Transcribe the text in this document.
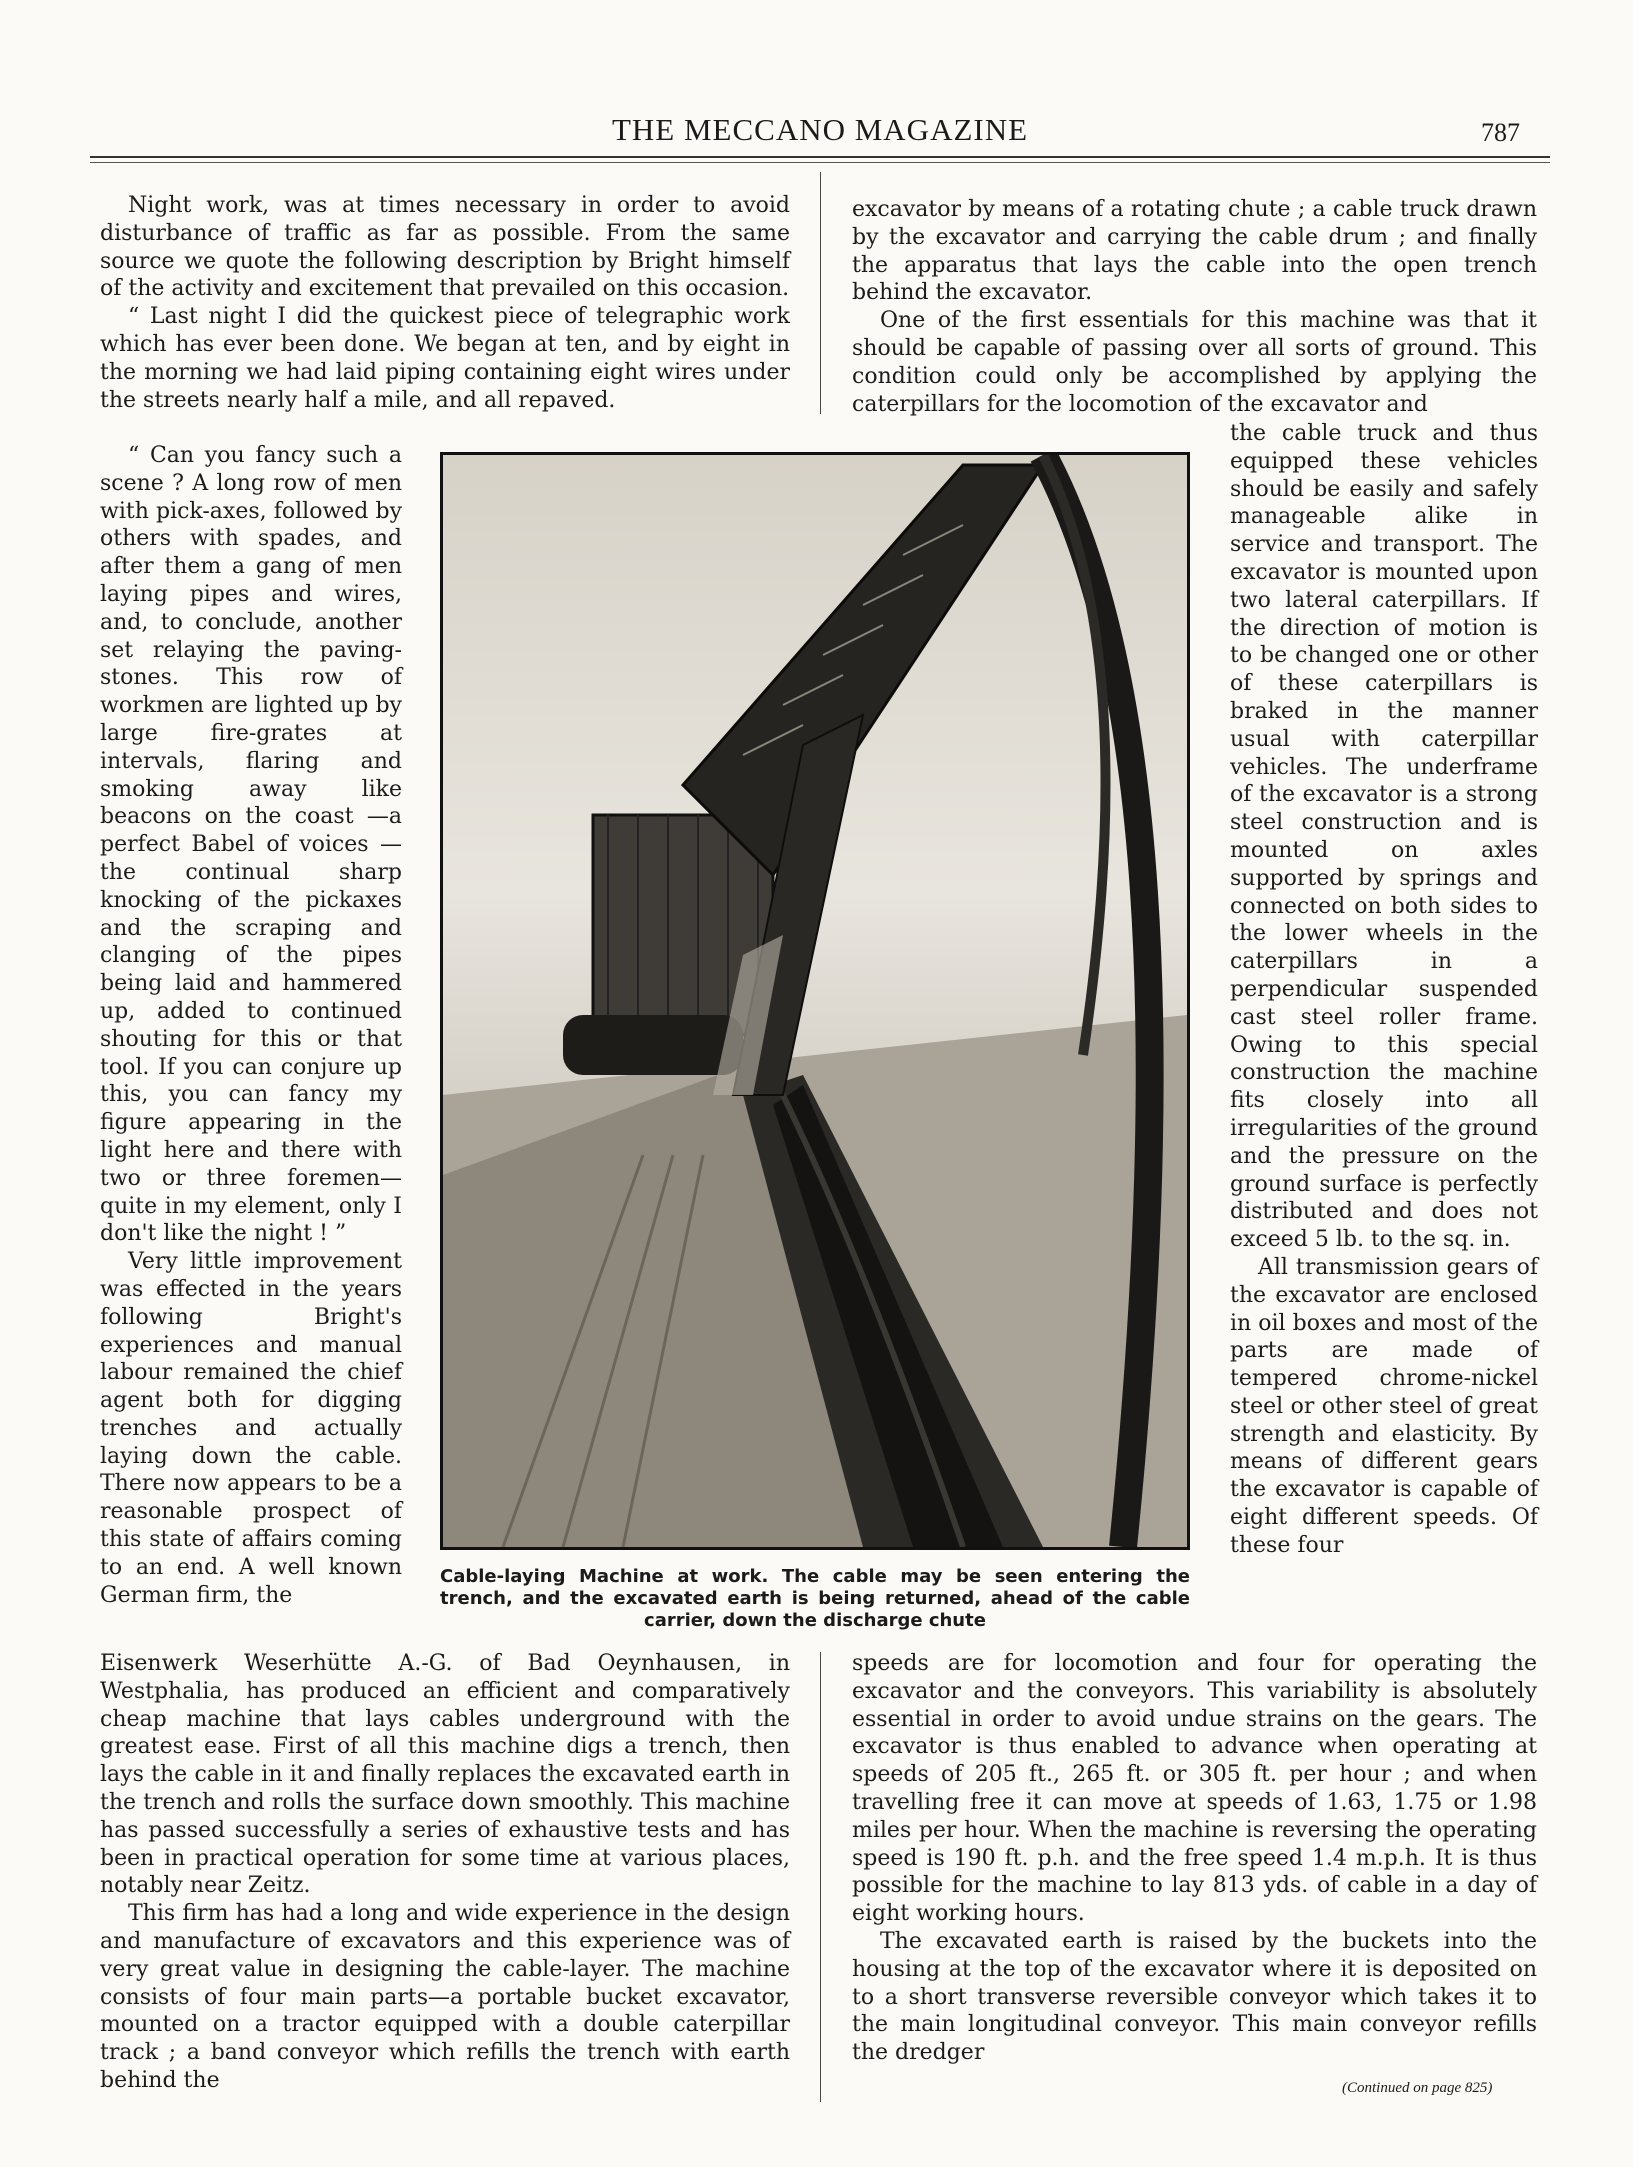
THE MECCANO MAGAZINE	787

Night work, was at times necessary in order to avoid disturbance of traffic as far as possible. From the same source we quote the following description by Bright himself of the activity and excitement that prevailed on this occasion.

“ Last night I did the quickest piece of telegraphic work which has ever been done. We began at ten, and by eight in the morning we had laid piping containing eight wires under the streets nearly half a mile, and all repaved.

excavator by means of a rotating chute ; a cable truck drawn by the excavator and carrying the cable drum ; and finally the apparatus that lays the cable into the open trench behind the excavator.

One of the first essentials for this machine was that it should be capable of passing over all sorts of ground. This condition could only be accomplished by applying the caterpillars for the locomotion of the excavator and

“ Can you fancy such a scene ? A long row of men with pick-axes, followed by others with spades, and after them a gang of men laying pipes and wires, and, to conclude, another set relaying the paving-stones. This row of workmen are lighted up by large fire-grates at intervals, flaring and smoking away like beacons on the coast —a perfect Babel of voices — the continual sharp knocking of the pickaxes and the scraping and clanging of the pipes being laid and hammered up, added to continued shouting for this or that tool. If you can conjure up this, you can fancy my figure appearing in the light here and there with two or three foremen—quite in my element, only I don't like the night ! ”

Very little improvement was effected in the years following Bright's experiences and manual labour remained the chief agent both for digging trenches and actually laying down the cable. There now appears to be a reasonable prospect of this state of affairs coming to an end. A well known German firm, the

the cable truck and thus equipped these vehicles should be easily and safely manageable alike in service and transport. The excavator is mounted upon two lateral caterpillars. If the direction of motion is to be changed one or other of these caterpillars is braked in the manner usual with caterpillar vehicles. The underframe of the excavator is a strong steel construction and is mounted on axles supported by springs and connected on both sides to the lower wheels in the caterpillars in a perpendicular suspended cast steel roller frame. Owing to this special construction the machine fits closely into all irregularities of the ground and the pressure on the ground surface is perfectly distributed and does not exceed 5 lb. to the sq. in.

All transmission gears of the excavator are enclosed in oil boxes and most of the parts are made of tempered chrome-nickel steel or other steel of great strength and elasticity. By means of different gears the excavator is capable of eight different speeds. Of these four

Cable-laying Machine at work. The cable may be seen entering the trench, and the excavated earth is being returned, ahead of the cable carrier, down the discharge chute

Eisenwerk Weserhütte A.-G. of Bad Oeynhausen, in Westphalia, has produced an efficient and comparatively cheap machine that lays cables underground with the greatest ease. First of all this machine digs a trench, then lays the cable in it and finally replaces the excavated earth in the trench and rolls the surface down smoothly. This machine has passed successfully a series of exhaustive tests and has been in practical operation for some time at various places, notably near Zeitz.

This firm has had a long and wide experience in the design and manufacture of excavators and this experience was of very great value in designing the cable-layer. The machine consists of four main parts—a portable bucket excavator, mounted on a tractor equipped with a double caterpillar track ; a band conveyor which refills the trench with earth behind the

speeds are for locomotion and four for operating the excavator and the conveyors. This variability is absolutely essential in order to avoid undue strains on the gears. The excavator is thus enabled to advance when operating at speeds of 205 ft., 265 ft. or 305 ft. per hour ; and when travelling free it can move at speeds of 1.63, 1.75 or 1.98 miles per hour. When the machine is reversing the operating speed is 190 ft. p.h. and the free speed 1.4 m.p.h. It is thus possible for the machine to lay 813 yds. of cable in a day of eight working hours.

The excavated earth is raised by the buckets into the housing at the top of the excavator where it is deposited on to a short transverse reversible conveyor which takes it to the main longitudinal conveyor. This main conveyor refills the dredger

(Continued on page 825)
